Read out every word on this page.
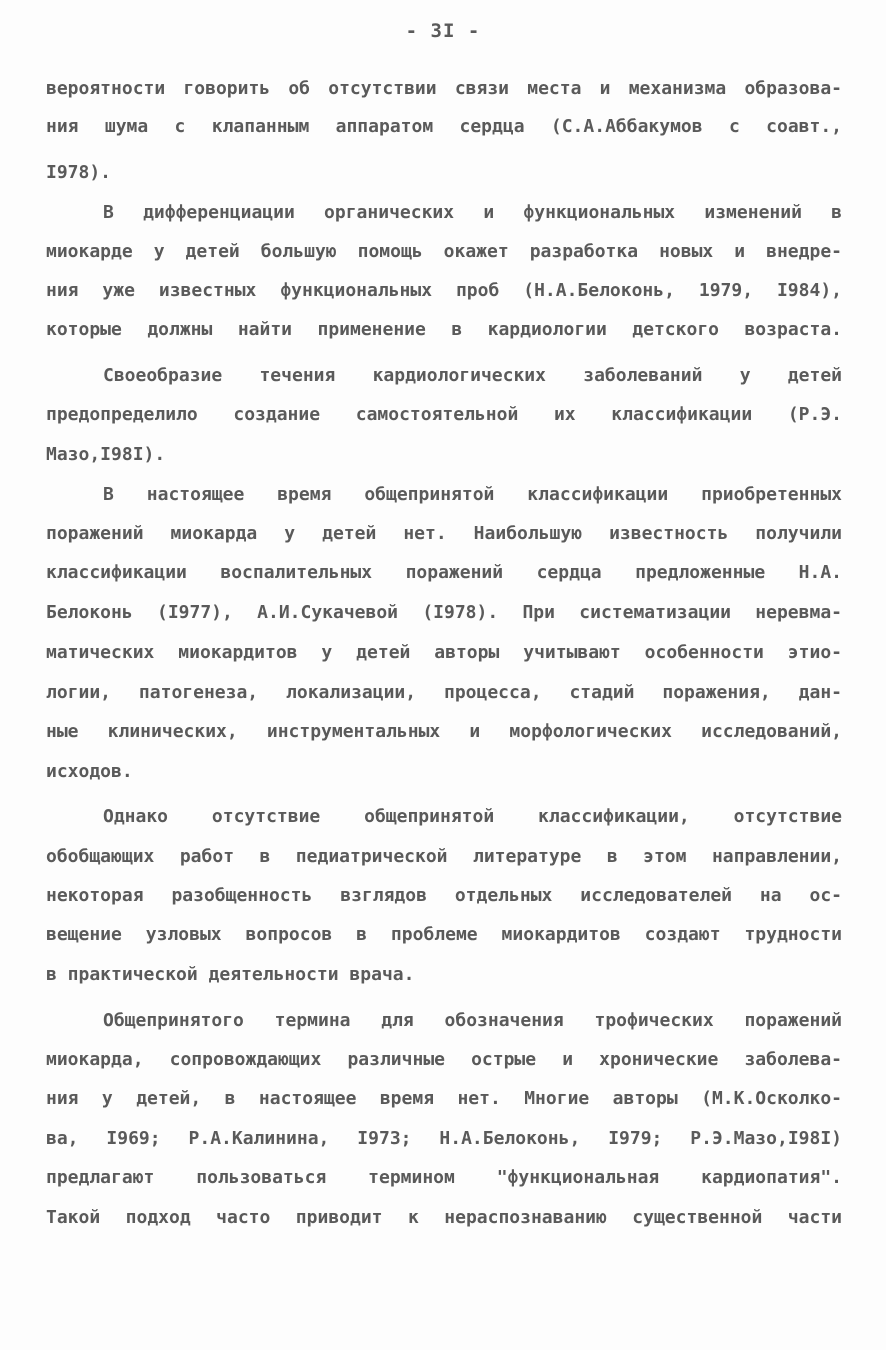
- 3I -
вероятности говорить об отсутствии связи места и механизма образова-
ния шума с клапанным аппаратом сердца (С.А.Аббакумов с соавт.,
I978).
В дифференциации органических и функциональных изменений в
миокарде у детей большую помощь окажет разработка новых и внедре-
ния уже известных функциональных проб (Н.А.Белоконь, 1979, I984),
которые должны найти применение в кардиологии детского возраста.
Своеобразие течения кардиологических заболеваний у детей
предопределило создание самостоятельной их классификации (Р.Э.
Мазо,I98I).
В настоящее время общепринятой классификации приобретенных
поражений миокарда у детей нет. Наибольшую известность получили
классификации воспалительных поражений сердца предложенные Н.А.
Белоконь (I977), А.И.Сукачевой (I978). При систематизации неревма-
матических миокардитов у детей авторы учитывают особенности этио-
логии, патогенеза, локализации, процесса, стадий поражения, дан-
ные клинических, инструментальных и морфологических исследований,
исходов.
Однако отсутствие общепринятой классификации, отсутствие
обобщающих работ в педиатрической литературе в этом направлении,
некоторая разобщенность взглядов отдельных исследователей на ос-
вещение узловых вопросов в проблеме миокардитов создают трудности
в практической деятельности врача.
Общепринятого термина для обозначения трофических поражений
миокарда, сопровождающих различные острые и хронические заболева-
ния у детей, в настоящее время нет. Многие авторы (М.К.Осколко-
ва, I969; Р.А.Калинина, I973; Н.А.Белоконь, I979; Р.Э.Мазо,I98I)
предлагают пользоваться термином "функциональная кардиопатия".
Такой подход часто приводит к нераспознаванию существенной части
